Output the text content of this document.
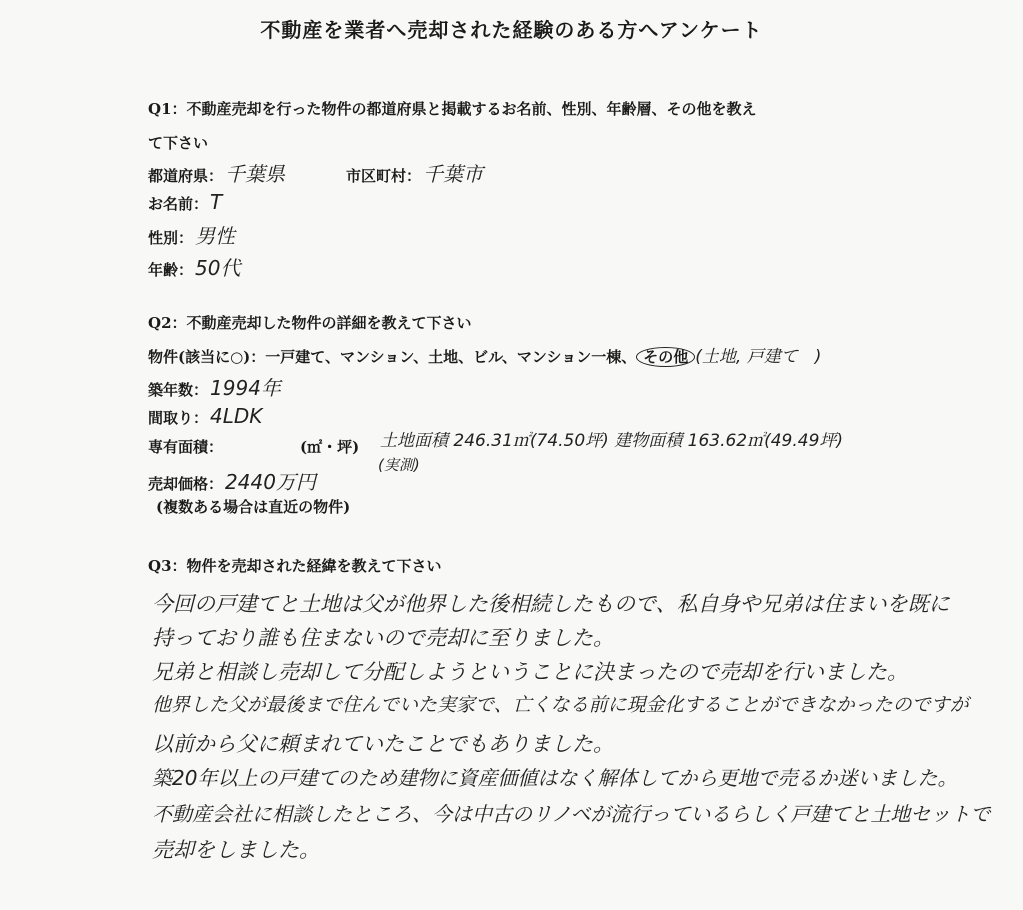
不動産を業者へ売却された経験のある方へアンケート
Q1：不動産売却を行った物件の都道府県と掲載するお名前、性別、年齢層、その他を教え
て下さい
都道府県： 千葉県	市区町村： 千葉市
お名前： T
性別： 男性
年齢： 50代
Q2：不動産売却した物件の詳細を教えて下さい
物件(該当に○)：一戸建て、マンション、土地、ビル、マンション一棟、 その他 (土地, 戸建て　)
築年数： 1994年
間取り： 4LDK
専有面積：	(㎡・坪) 土地面積 246.31㎡(74.50坪) 建物面積 163.62㎡(49.49坪)
(実測)
売却価格： 2440万円
(複数ある場合は直近の物件)
Q3：物件を売却された経緯を教えて下さい
今回の戸建てと土地は父が他界した後相続したもので、私自身や兄弟は住まいを既に
持っており誰も住まないので売却に至りました。
兄弟と相談し売却して分配しようということに決まったので売却を行いました。
他界した父が最後まで住んでいた実家で、亡くなる前に現金化することができなかったのですが
以前から父に頼まれていたことでもありました。
築20年以上の戸建てのため建物に資産価値はなく解体してから更地で売るか迷いました。
不動産会社に相談したところ、今は中古のリノベが流行っているらしく戸建てと土地セットで
売却をしました。
